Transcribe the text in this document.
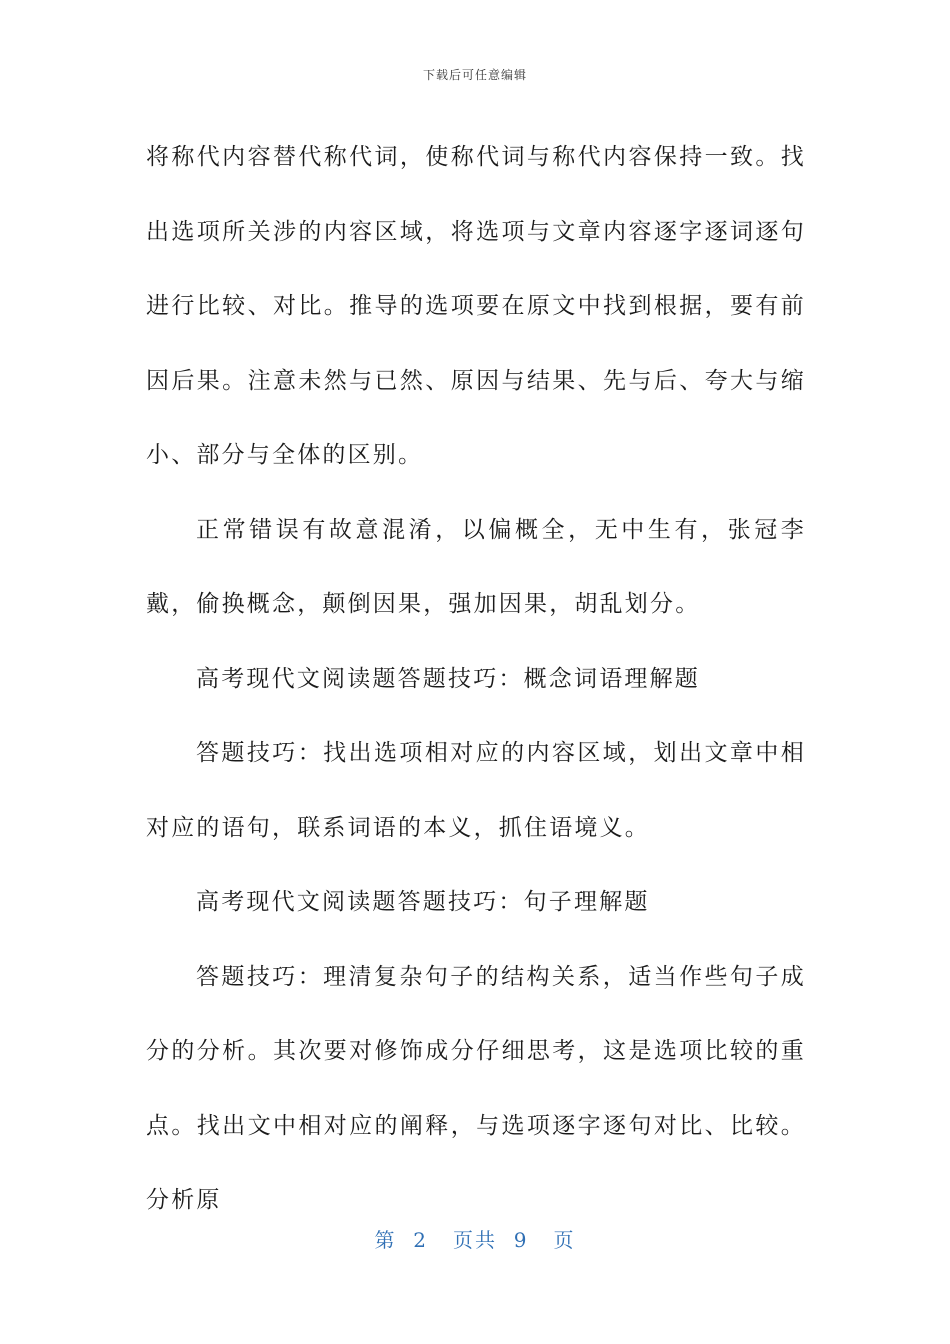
下载后可任意编辑

将称代内容替代称代词，使称代词与称代内容保持一致。找出选项所关涉的内容区域，将选项与文章内容逐字逐词逐句进行比较、对比。推导的选项要在原文中找到根据，要有前因后果。注意未然与已然、原因与结果、先与后、夸大与缩小、部分与全体的区别。

正常错误有故意混淆，以偏概全，无中生有，张冠李戴，偷换概念，颠倒因果，强加因果，胡乱划分。

高考现代文阅读题答题技巧：概念词语理解题

答题技巧：找出选项相对应的内容区域，划出文章中相对应的语句，联系词语的本义，抓住语境义。

高考现代文阅读题答题技巧：句子理解题

答题技巧：理清复杂句子的结构关系，适当作些句子成分的分析。其次要对修饰成分仔细思考，这是选项比较的重点。找出文中相对应的阐释，与选项逐字逐句对比、比较。分析原

第 2 页共 9 页
